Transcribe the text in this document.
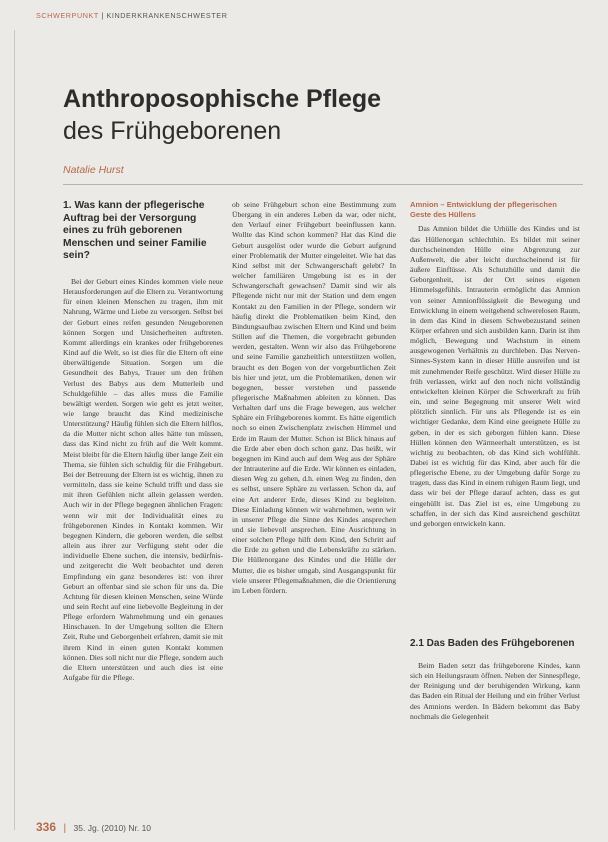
SCHWERPUNKT | KINDERKRANKENSCHWESTER
Anthroposophische Pflege
des Frühgeborenen
Natalie Hurst
1. Was kann der pflegerische Auftrag bei der Versorgung eines zu früh geborenen Menschen und seiner Familie sein?

Bei der Geburt eines Kindes kommen viele neue Herausforderungen auf die Eltern zu. Verantwortung für einen kleinen Menschen zu tragen, ihm mit Nahrung, Wärme und Liebe zu versorgen. Selbst bei der Geburt eines reifen gesunden Neugeborenen können Sorgen und Unsicherheiten auftreten. Kommt allerdings ein krankes oder frühgeborenes Kind auf die Welt, so ist dies für die Eltern oft eine überwältigende Situation. Sorgen um die Gesundheit des Babys, Trauer um den frühen Verlust des Babys aus dem Mutterleib und Schuldgefühle – das alles muss die Familie bewältigt werden. Sorgen wie geht es jetzt weiter, wie lange braucht das Kind medizinische Unterstützung? Häufig fühlen sich die Eltern hilflos, da die Mutter nicht schon alles hätte tun müssen, dass das Kind nicht zu früh auf die Welt kommt. Meist bleibt für die Eltern häufig über lange Zeit ein Thema, sie fühlen sich schuldig für die Frühgeburt. Bei der Betreuung der Eltern ist es wichtig, ihnen zu vermitteln, dass sie keine Schuld trifft und dass sie mit ihren Gefühlen nicht allein gelassen werden. Auch wir in der Pflege begegnen ähnlichen Fragen: wenn wir mit der Individualität eines zu frühgeborenen Kindes in Kontakt kommen. Wir begegnen Kindern, die geboren werden, die selbst allein aus ihrer zur Verfügung steht oder die individuelle Ebene suchen, die intensiv, bedürfnis- und zeitgerecht die Welt beobachtet und deren Empfindung ein ganz besonderes ist: von ihrer Geburt an offenbar sind sie schon für uns da. Die Achtung für diesen kleinen Menschen, seine Würde und sein Recht auf eine liebevolle Begleitung in der Pflege erfordern Wahrnehmung und ein genaues Hinschauen. In der Umgebung sollten die Eltern Zeit, Ruhe und Geborgenheit erfahren, damit sie mit ihrem Kind in einen guten Kontakt kommen können. Dies soll nicht nur die Pflege, sondern auch die Eltern unterstützen und auch dies ist eine Aufgabe für die Pflege.

ob seine Frühgeburt schon eine Bestimmung zum Übergang in ein anderes Leben da war, oder nicht, den Verlauf einer Frühgeburt beeinflussen kann. Wollte das Kind schon kommen? Hat das Kind die Geburt ausgelöst oder wurde die Geburt aufgrund einer Problematik der Mutter eingeleitet. Wie hat das Kind selbst mit der Schwangerschaft gelebt? In welcher familiären Umgebung ist es in der Schwangerschaft gewachsen? Damit sind wir als Pflegende nicht nur mit der Station und dem engen Kontakt zu den Familien in der Pflege, sondern wir häufig direkt die Problematiken beim Kind, den Bindungsaufbau zwischen Eltern und Kind und beim Stillen auf die Themen, die vorgebracht gebunden werden, gestalten. Wenn wir also das Frühgeborene und seine Familie ganzheitlich unterstützen wollen, braucht es den Bogen von der vorgeburtlichen Zeit bis hier und jetzt, um die Problematiken, denen wir begegnen, besser verstehen und passende pflegerische Maßnahmen ableiten zu können. Das Verhalten darf uns die Frage bewegen, aus welcher Sphäre ein Frühgeborenes kommt. Es hätte eigentlich noch so einen Zwischenplatz zwischen Himmel und Erde im Raum der Mutter. Schon ist Blick hinaus auf die Erde aber eben doch schon ganz. Das heißt, wir begegnen im Kind auch auf dem Weg aus der Sphäre der Intrauterine auf die Erde. Wir können es einladen, diesen Weg zu gehen, d.h. einen Weg zu finden, den es selbst, unsere Sphäre zu verlassen. Schon da, auf eine Art anderer Erde, dieses Kind zu begleiten. Diese Einladung können wir wahrnehmen, wenn wir in unserer Pflege die Sinne des Kindes ansprechen und sie liebevoll ansprechen. Eine Ausrichtung in einer solchen Pflege hilft dem Kind, den Schritt auf die Erde zu gehen und die Lebenskräfte zu stärken. Die Hüllenorgane des Kindes und die Hülle der Mutter, die es bisher umgab, sind Ausgangspunkt für viele unserer Pflegemaßnahmen, die die Orientierung im Leben fördern.

Amnion – Entwicklung der pflegerischen Geste des Hüllens

Das Amnion bildet die Urhülle des Kindes und ist das Hüllenorgan schlechthin. Es bildet mit seiner durchscheinenden Hülle eine Abgrenzung zur Außenwelt, die aber leicht durchscheinend ist für äußere Einflüsse. Als Schutzhülle und damit die Geborgenheit, ist der Ort seines eigenen Himmelsgefühls. Intrauterin ermöglicht das Amnion von seiner Amnionflüssigkeit die Bewegung und Entwicklung in einem weitgehend schwerelosen Raum, in dem das Kind in diesem Schwebezustand seinen Körper erfahren und sich ausbilden kann. Darin ist ihm möglich, Bewegung und Wachstum in einem ausgewogenen Verhältnis zu durchleben. Das Nerven-Sinnes-System kann in dieser Hülle ausreifen und ist mit zunehmender Reife geschützt. Wird dieser Hülle zu früh verlassen, wirkt auf den noch nicht vollständig entwickelten kleinen Körper die Schwerkraft zu früh ein, und seine Begegnung mit unserer Welt wird plötzlich sinnlich. Für uns als Pflegende ist es ein wichtiger Gedanke, dem Kind eine geeignete Hülle zu geben, in der es sich geborgen fühlen kann. Diese Hüllen können den Wärmeerhalt unterstützen, es ist wichtig zu beobachten, ob das Kind sich wohlfühlt. Dabei ist es wichtig für das Kind, aber auch für die pflegerische Ebene, zu der Umgebung dafür Sorge zu tragen, dass das Kind in einem ruhigen Raum liegt, und dass wir bei der Pflege darauf achten, dass es gut eingehüllt ist. Das Ziel ist es, eine Umgebung zu schaffen, in der sich das Kind ausreichend geschützt und geborgen entwickeln kann.

2.1 Das Baden des Frühgeborenen

Beim Baden setzt das frühgeborene Kindes, kann sich ein Heilungsraum öffnen. Neben der Sinnespflege, der Reinigung und der beruhigenden Wirkung, kann das Baden ein Ritual der Heilung und ein früher Verlust des Amnions werden. In Bädern bekommt das Baby nochmals die Gelegenheit

336 | 35. Jg. (2010) Nr. 10
